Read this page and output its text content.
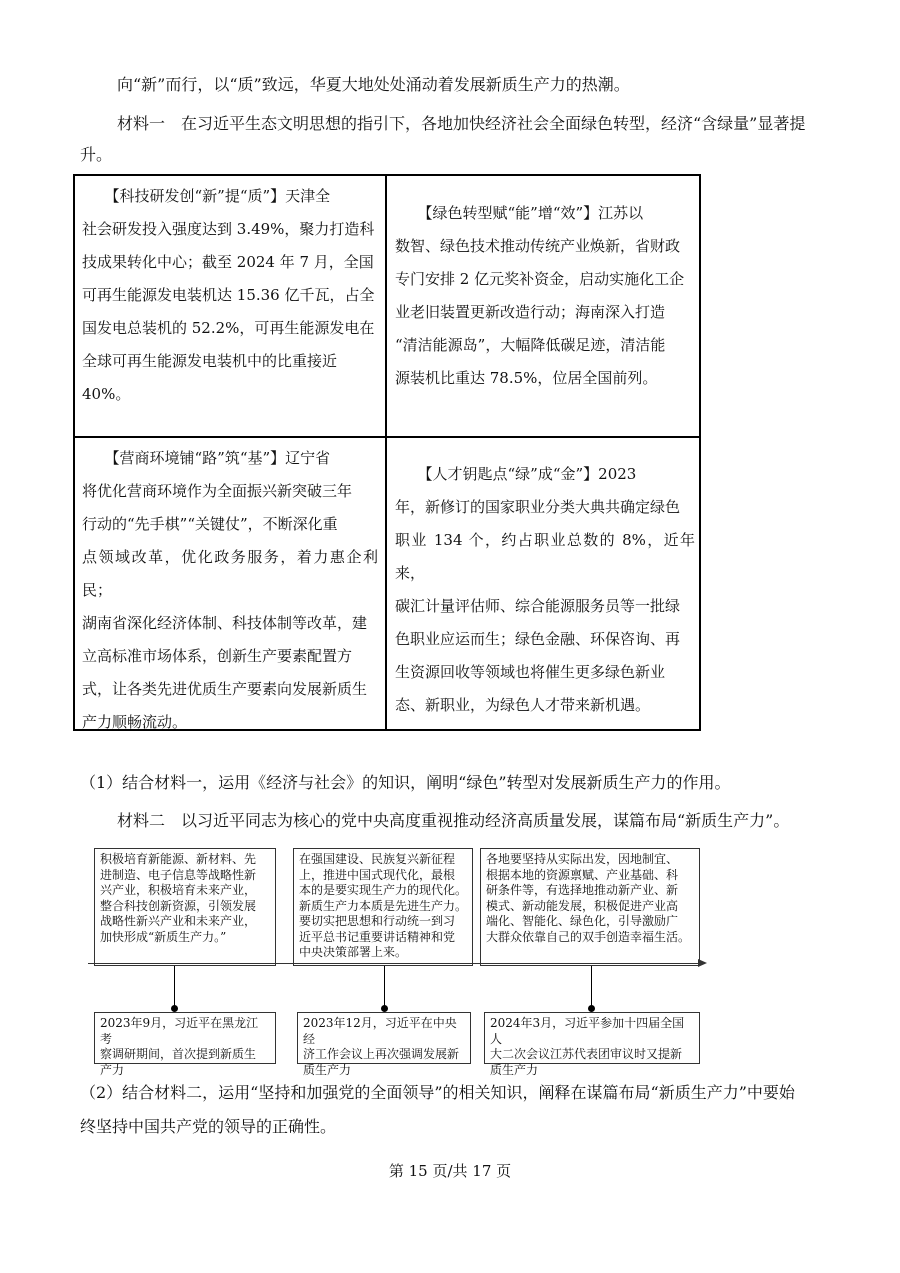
向“新”而行，以“质”致远，华夏大地处处涌动着发展新质生产力的热潮。
材料一　在习近平生态文明思想的指引下，各地加快经济社会全面绿色转型，经济“含绿量”显著提
升。
　　【科技研发创“新”提“质”】天津全
社会研发投入强度达到 3.49%，聚力打造科
技成果转化中心；截至 2024 年 7 月，全国
可再生能源发电装机达 15.36 亿千瓦，占全
国发电总装机的 52.2%，可再生能源发电在
全球可再生能源发电装机中的比重接近
40%。
　　【绿色转型赋“能”增“效”】江苏以
数智、绿色技术推动传统产业焕新，省财政
专门安排 2 亿元奖补资金，启动实施化工企
业老旧装置更新改造行动；海南深入打造
“清洁能源岛”，大幅降低碳足迹，清洁能
源装机比重达 78.5%，位居全国前列。
　　【营商环境铺“路”筑“基”】辽宁省
将优化营商环境作为全面振兴新突破三年
行动的“先手棋”“关键仗”，不断深化重
点领域改革，优化政务服务，着力惠企利民；
湖南省深化经济体制、科技体制等改革，建
立高标准市场体系，创新生产要素配置方
式，让各类先进优质生产要素向发展新质生
产力顺畅流动。
　　【人才钥匙点“绿”成“金”】2023
年，新修订的国家职业分类大典共确定绿色
职业 134 个，约占职业总数的 8%，近年来，
碳汇计量评估师、综合能源服务员等一批绿
色职业应运而生；绿色金融、环保咨询、再
生资源回收等领域也将催生更多绿色新业
态、新职业，为绿色人才带来新机遇。
（1）结合材料一，运用《经济与社会》的知识，阐明“绿色”转型对发展新质生产力的作用。
材料二　以习近平同志为核心的党中央高度重视推动经济高质量发展，谋篇布局“新质生产力”。
积极培育新能源、新材料、先
进制造、电子信息等战略性新
兴产业，积极培育未来产业，
整合科技创新资源，引领发展
战略性新兴产业和未来产业，
加快形成“新质生产力。”
在强国建设、民族复兴新征程
上，推进中国式现代化，最根
本的是要实现生产力的现代化。
新质生产力本质是先进生产力。
要切实把思想和行动统一到习
近平总书记重要讲话精神和党
中央决策部署上来。
各地要坚持从实际出发，因地制宜、
根据本地的资源禀赋、产业基础、科
研条件等，有选择地推动新产业、新
模式、新动能发展，积极促进产业高
端化、智能化、绿色化，引导激励广
大群众依靠自己的双手创造幸福生活。
2023年9月，习近平在黑龙江考
察调研期间，首次提到新质生
产力
2023年12月，习近平在中央经
济工作会议上再次强调发展新
质生产力
2024年3月，习近平参加十四届全国人
大二次会议江苏代表团审议时又提新
质生产力
（2）结合材料二，运用“坚持和加强党的全面领导”的相关知识，阐释在谋篇布局“新质生产力”中要始
终坚持中国共产党的领导的正确性。
第 15 页/共 17 页
